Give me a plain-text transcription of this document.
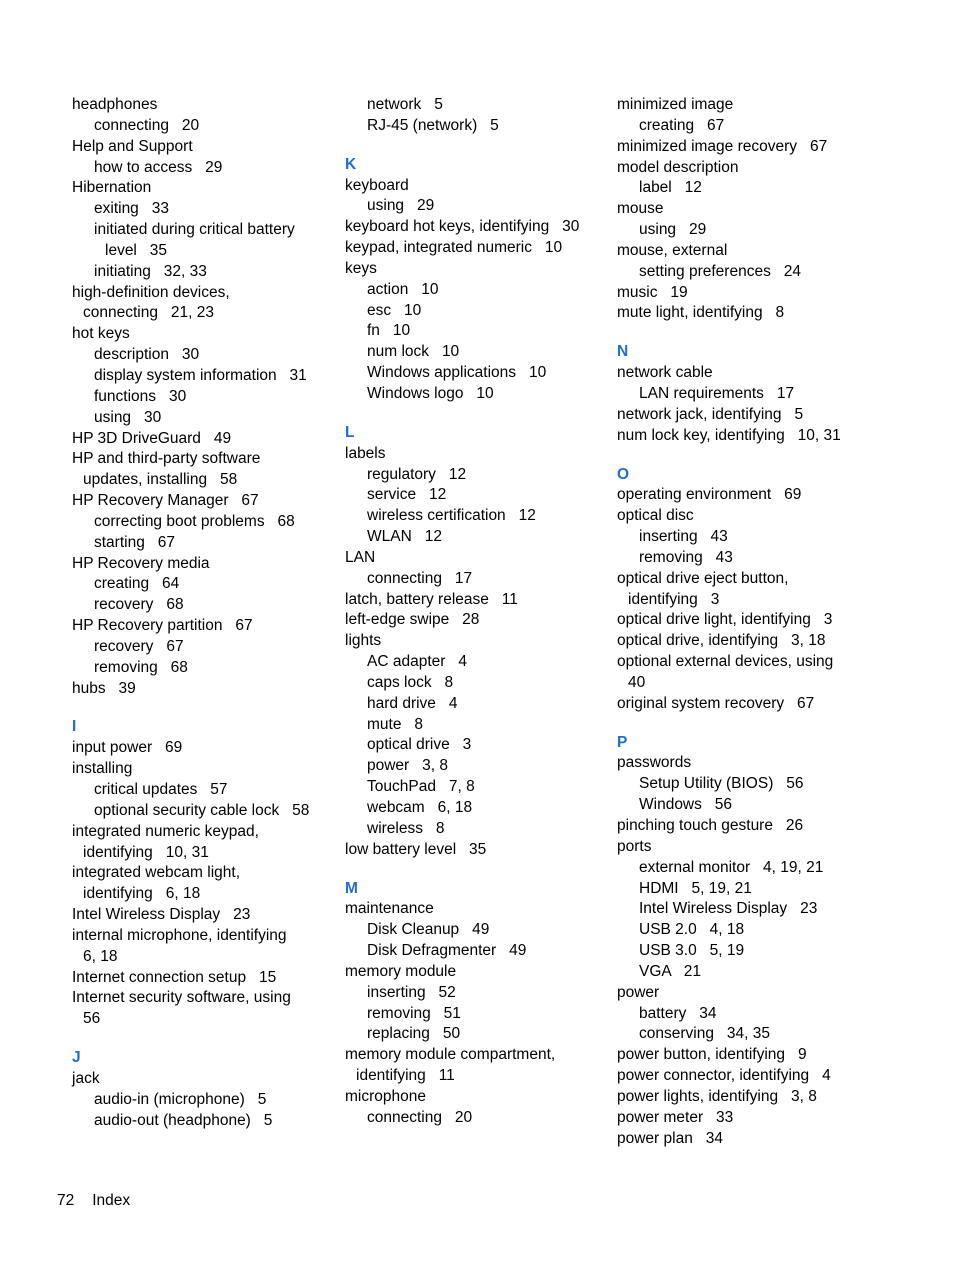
headphones
connecting   20
Help and Support
how to access   29
Hibernation
exiting   33
initiated during critical battery
level   35
initiating   32, 33
high-definition devices,
connecting   21, 23
hot keys
description   30
display system information   31
functions   30
using   30
HP 3D DriveGuard   49
HP and third-party software
updates, installing   58
HP Recovery Manager   67
correcting boot problems   68
starting   67
HP Recovery media
creating   64
recovery   68
HP Recovery partition   67
recovery   67
removing   68
hubs   39
I
input power   69
installing
critical updates   57
optional security cable lock   58
integrated numeric keypad,
identifying   10, 31
integrated webcam light,
identifying   6, 18
Intel Wireless Display   23
internal microphone, identifying
6, 18
Internet connection setup   15
Internet security software, using
56
J
jack
audio-in (microphone)   5
audio-out (headphone)   5
network   5
RJ-45 (network)   5
K
keyboard
using   29
keyboard hot keys, identifying   30
keypad, integrated numeric   10
keys
action   10
esc   10
fn   10
num lock   10
Windows applications   10
Windows logo   10
L
labels
regulatory   12
service   12
wireless certification   12
WLAN   12
LAN
connecting   17
latch, battery release   11
left-edge swipe   28
lights
AC adapter   4
caps lock   8
hard drive   4
mute   8
optical drive   3
power   3, 8
TouchPad   7, 8
webcam   6, 18
wireless   8
low battery level   35
M
maintenance
Disk Cleanup   49
Disk Defragmenter   49
memory module
inserting   52
removing   51
replacing   50
memory module compartment,
identifying   11
microphone
connecting   20
minimized image
creating   67
minimized image recovery   67
model description
label   12
mouse
using   29
mouse, external
setting preferences   24
music   19
mute light, identifying   8
N
network cable
LAN requirements   17
network jack, identifying   5
num lock key, identifying   10, 31
O
operating environment   69
optical disc
inserting   43
removing   43
optical drive eject button,
identifying   3
optical drive light, identifying   3
optical drive, identifying   3, 18
optional external devices, using
40
original system recovery   67
P
passwords
Setup Utility (BIOS)   56
Windows   56
pinching touch gesture   26
ports
external monitor   4, 19, 21
HDMI   5, 19, 21
Intel Wireless Display   23
USB 2.0   4, 18
USB 3.0   5, 19
VGA   21
power
battery   34
conserving   34, 35
power button, identifying   9
power connector, identifying   4
power lights, identifying   3, 8
power meter   33
power plan   34
72 Index
